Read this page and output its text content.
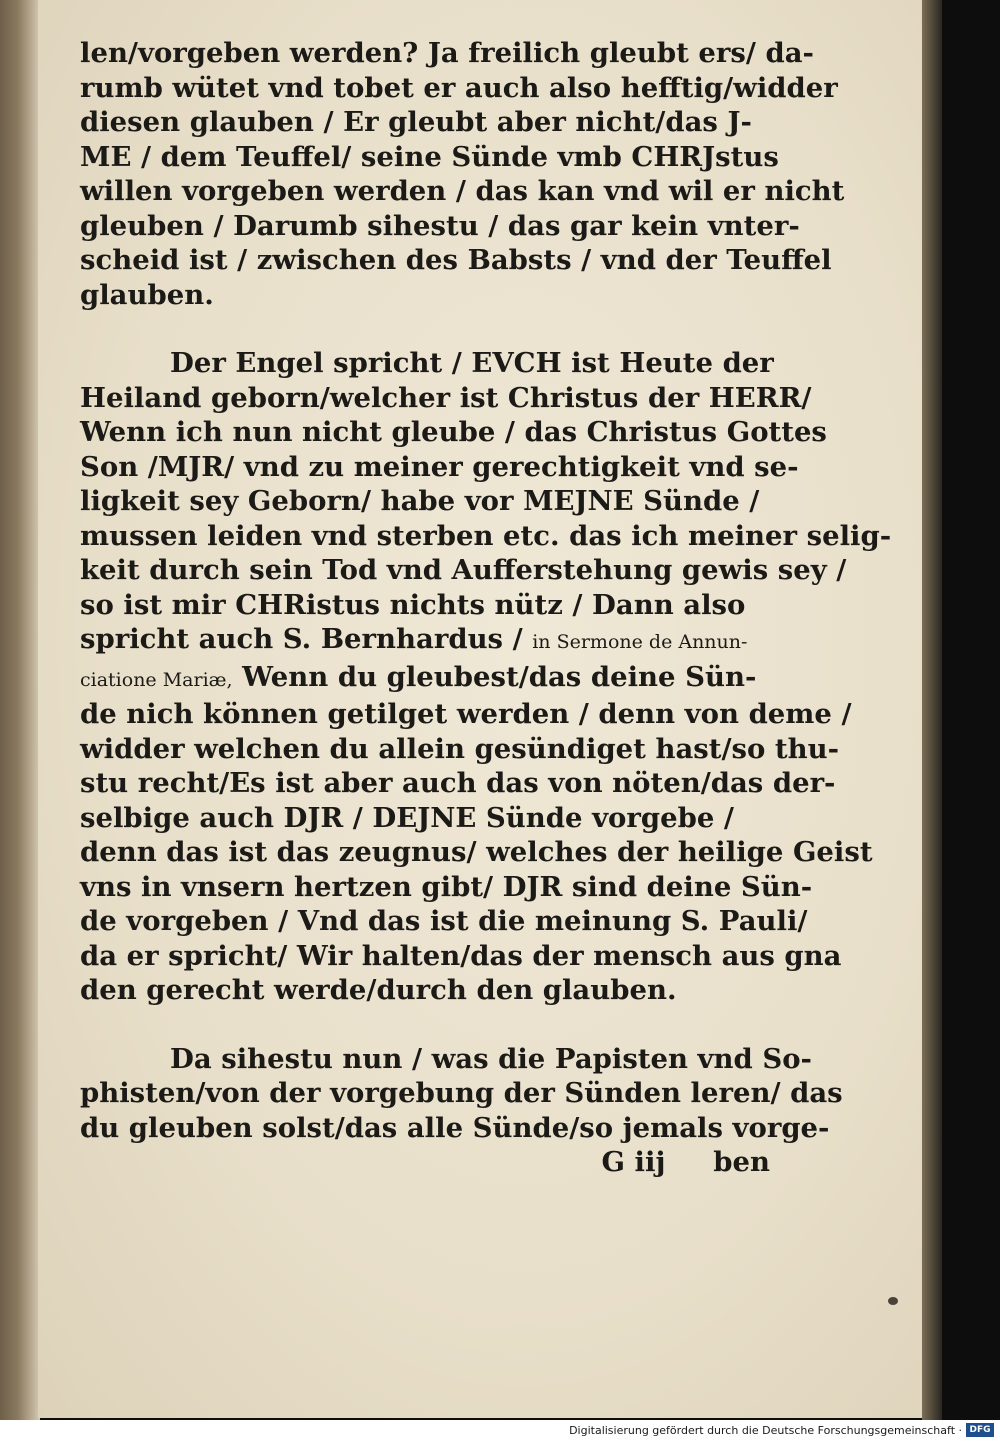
len/vorgeben werden? Ja freilich gleubt ers/ da-
rumb wütet vnd tobet er auch also hefftig/widder
diesen glauben / Er gleubt aber nicht/das J-
ME / dem Teuffel/ seine Sünde vmb CHRJstus
willen vorgeben werden / das kan vnd wil er nicht
gleuben / Darumb sihestu / das gar kein vnter-
scheid ist / zwischen des Babsts / vnd der Teuffel
glauben.
Der Engel spricht / EVCH ist Heute der
Heiland geborn/welcher ist Christus der HERR/
Wenn ich nun nicht gleube / das Christus Gottes
Son /MJR/ vnd zu meiner gerechtigkeit vnd se-
ligkeit sey Geborn/ habe vor MEJNE Sünde /
mussen leiden vnd sterben etc. das ich meiner selig-
keit durch sein Tod vnd Aufferstehung gewis sey /
so ist mir CHRistus nichts nütz / Dann also
spricht auch S. Bernhardus / in Sermone de Annun-
ciatione Mariæ, Wenn du gleubest/das deine Sün-
de nich können getilget werden / denn von deme /
widder welchen du allein gesündiget hast/so thu-
stu recht/Es ist aber auch das von nöten/das der-
selbige auch DJR / DEJNE Sünde vorgebe /
denn das ist das zeugnus/ welches der heilige Geist
vns in vnsern hertzen gibt/ DJR sind deine Sün-
de vorgeben / Vnd das ist die meinung S. Pauli/
da er spricht/ Wir halten/das der mensch aus gna
den gerecht werde/durch den glauben.
Da sihestu nun / was die Papisten vnd So-
phisten/von der vorgebung der Sünden leren/ das
du gleuben solst/das alle Sünde/so jemals vorge-
G iij ben
Digitalisierung gefördert durch die Deutsche Forschungsgemeinschaft · DFG
